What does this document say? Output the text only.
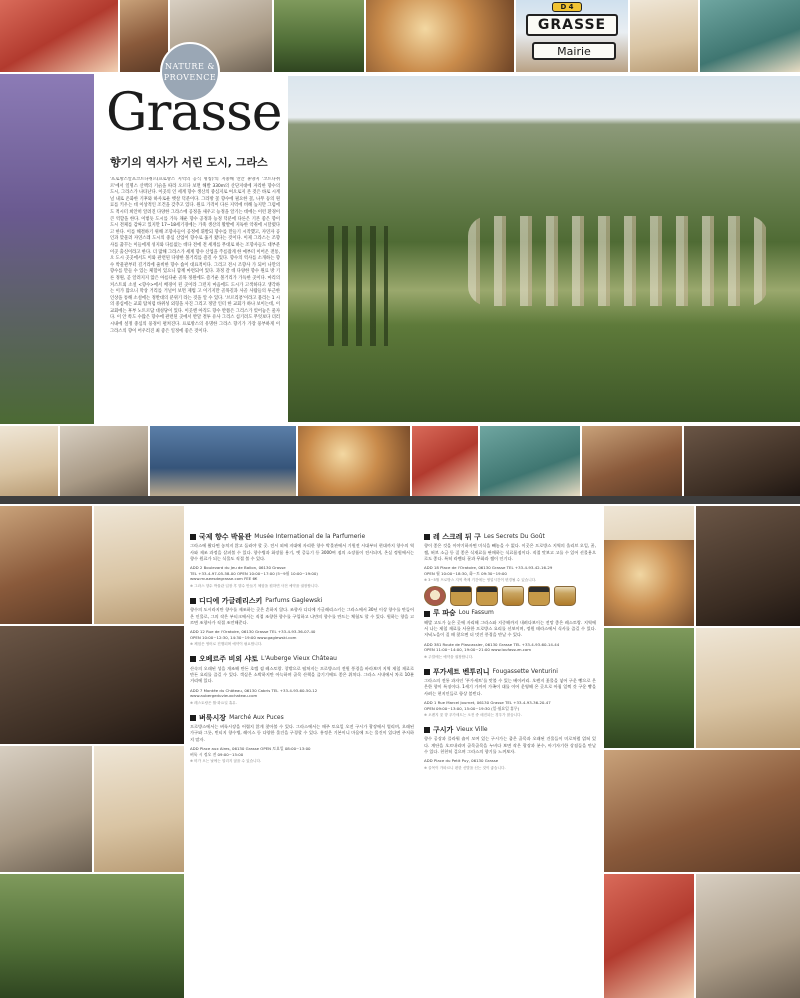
GRASSE
Mairie
D 4
NATURE &
PROVENCE
Grasse
향기의 역사가 서린 도시, 그라스
'프로방스알프코트다쥐르(프로방스 지역의 공식 명칭)'의 지중해 연안 휴양지 '코트다쥐르'에서 일명스 산맥의 기슭을 따라 오르다 보면 해발 330m의 산단지대에 자리한 향수의 도시, 그라스가 나타난다. 이곳의 인 세계 향수 생산의 중심지로 여오로지 본 것은 바로 시계널 내로 온화한 기후와 하사로운 햇살 덕분이다. 그라방 꽃 향수에 필요한 꽃, 나무 등의 원료를 키우는 데 이상적인 조건을 갖추고 있다. 원료 가격이 다른 지역에 비해 높지만 그럼에도 적시터 희안히 알려진 다양한 그라스에 공정을 새우고 능정을 알기는 데에는 이런 환경이 큰 역할을 한다. 이렇듯 도시를 가득 채운 향수 공정과 능정 덕분에 다른은 기본 좋은 향이 도시 전체를 감싸고 있지만 17~18세기경에는 가죽 생산의 활발에 지독한 악취에 시달렸다고 한다. 이를 해결하기 위해 조향사들이 공정에 휘발되 향수를 만들기 시작했고, 자연자 공인과 맞물려 자연스레 도시의 중심 산업이 향수로 옮겨 왔다는 것이다. 이제 그라스는 조향사를 꿈꾸는 이들에게 성지와 다름없는 데다 전에 전 세계를 무대로 하는 조향사들도 대부분 이곳 출신이라고 한다. 더 많해 그라스가 세계 향수 산업을 주름잡게 한 예부터 이어온 전통, 오 도시 곳곳에서도 이와 관련된 다양한 볼거리를 즐길 수 있다. 향수의 역사를 소개하는 향수 박물관부터 길거리에 줄비한 향수 숍이 대표적이다. 그리고 전시 조향사 가 되어 나만의 향수를 만들 수 있는 체험이 있으니 함께 마련되어 있다. 과정 갈 데 다양한 향수 원료 방 기른 정원, 곧 알려지지 않은 아름다운 골목 정원에도 즐거운 볼거리가 가득한 곳이다. 마리의 커스트외 소설 <향수>에서 배경이 된 곳이라 그런지 마음에도 도시가 고색하다고 생각하는 이가 많으니 막상 거리를 거닐어 보면 제법 고 이기지만 골목길과 사골 사람들의 투근한 인상을 통해 소설에는 정반대의 분위기 라는 것을 알 수 있다. '브르리퐁'이라고 불리는 1 시의 중심에는 교회 탑처럼 바위성 외형을 사진 그리고 정말 인터 한 교회가 하나 보이는데, 이 교회에는 후부 노트르담 대성당이 있다. 이곳엔 아직도 향수 반쯤은 그리스가 빚어놓은 물자다. 이 안 쪽도 수많은 향수에 관련된 곳에서 반달 결투 유사 그리스 섬기려도 무엇보다 더러 시내에 설정 중심의 풍경이 펼쳐진다. 프로방스의 유명한 그라스 향기가 가장 풍부하게 이 그라스의 향이 어우러진 최 좋은 일정에 좋은 것이다.
국제 향수 박물관 Musée International de la Parfumerie
그라스에 왔다면 놓치지 않고 둘러야 할 곳. 전시 외에 지대에 자리한 향수 박물관에서 기원전 시대부터 현대까지 향수의 역사와 제조 과정을 살펴볼 수 있다. 향수병과 화장품 용기, 옛 증류기 등 3000여 점의 소장품이 전시되며, 온실 정원에서는 향수 원료가 되는 식물도 직접 볼 수 있다.
ADD 2 Boulevard du Jeu de Ballon, 06130 Grasse
TEL +33-4-97-05-58-00 OPEN 10:00~17:00 (5~9월 10:00~19:00)
www.museesdegrasse.com FEE 6€
※ 그라스 향수 박물관 입장 후 향수 만들기 체험을 원하면 사전 예약을 권장합니다.
디디에 가글레리스키 Parfums Gaglewski
향수의 도시라지만 향수를 제조하는 곳은 흔하지 않다. 조향사 디디에 가글레리스키는 그라스에서 30년 이상 향수를 만들어온 인물로, 그의 작은 부티크에서는 직접 조향한 향수를 구입하고 나만의 향수를 만드는 체험도 할 수 있다. 원하는 향을 고르면 조향사가 직접 조언해준다.
ADD 12 Rue de l'Oratoire, 06130 Grasse TEL +33-4-93-36-07-40
OPEN 10:00~12:30, 14:30~19:00 www.gaglewski.com
※ 체험은 영어로 진행되며 예약이 필요합니다.
오베르주 비외 샤토 L'Auberge Vieux Château
산속의 오래된 성을 개조해 만든 호텔 겸 레스토랑. 창밖으로 펼쳐지는 프로방스의 전원 풍경을 바라보며 지역 제철 재료로 만든 요리를 즐길 수 있다. 객실은 소박하지만 아늑하며 골목 산책을 즐기기에도 좋은 위치다. 그라스 시내에서 차로 10분 거리에 있다.
ADD 7 Montée du Château, 06130 Cabris TEL +33-4-93-60-50-12
www.aubergeduvieuxchateau.com
※ 레스토랑은 월·화요일 휴무.
벼룩시장 Marché Aux Puces
프로방스에서는 벼룩시장을 어렵지 않게 찾아볼 수 있다. 그라스에서는 매주 토요일 오전 구시가 광장에서 열리며, 오래된 가구와 그릇, 빈티지 향수병, 레이스 등 다양한 물건을 구경할 수 있다. 흥정은 기본이니 마음에 드는 물건이 있다면 주저하지 말자.
ADD Place aux Aires, 06130 Grasse OPEN 토요일 08:00~13:00
벼룩 시 정오 전 09:00~15:00
※ 비가 오는 날에는 열리지 않을 수 있습니다.
레 스크레 뒤 구 Les Secrets Du Goût
향이 좋은 것을 이야기하자면 미식을 빼놓을 수 없다. 이곳은 프로방스 지역의 올리브 오일, 꿀, 잼, 허브 소금 등 질 좋은 식재료를 판매하는 식료품점이다. 직접 맛보고 고를 수 있어 선물용으로도 좋다. 특히 라벤더 꿀과 무화과 잼이 인기다.
ADD 18 Place de l'Oratoire, 06130 Grasse TEL +33-4-93-42-16-29
OPEN 월 10:00~18:30, 화~토 09:30~19:00
※ 3~5월 프로방스 지역 축제 기간에는 영업시간이 변경될 수 있습니다.
루 파숨 Lou Fassum
해발 고도가 높은 곳에 자리해 그라스와 지중해까지 내려다보이는 전망 좋은 레스토랑. 지역에서 나는 제철 재료를 사용한 프로방스 요리를 선보이며, 정원 테라스에서 식사를 즐길 수 있다. 저녁노을이 질 때 찾으면 더 멋진 풍경을 만날 수 있다.
ADD 381 Route de Plascassier, 06130 Grasse TEL +33-4-93-60-14-44
OPEN 11:00~14:00, 19:00~21:00 www.loufassum.com
※ 주말에는 예약을 권장합니다.
푸가세트 벤투리니 Fougassette Venturini
그라스의 전통 과자인 '푸가세트'를 맛볼 수 있는 베이커리. 오렌지 꽃물을 넣어 구운 빵으로 은은한 향이 특징이다. 1세기 가까이 가족이 대를 이어 운영해 온 곳으로 아침 일찍 갓 구운 빵을 사려는 현지인들로 항상 붐빈다.
ADD 1 Rue Marcel Journet, 06130 Grasse TEL +33-4-93-36-20-47
OPEN 09:00~13:00, 15:00~19:30 (일·월요일 휴무)
※ 오렌지 꽃 향 푸가세트는 오전 중 매진되는 경우가 많습니다.
구시가 Vieux Ville
향수 공장과 플라워 숍이 모여 있는 구시가는 좁은 골목과 오래된 건물들이 미로처럼 얽혀 있다. 계단을 오르내리며 골목골목을 누비다 보면 작은 광장과 분수, 아기자기한 상점들을 만날 수 있다. 천천히 걸으며 그라스의 향기를 느껴보자.
ADD Place du Petit Puy, 06130 Grasse
※ 골목이 가파르니 편한 신발을 신는 것이 좋습니다.
